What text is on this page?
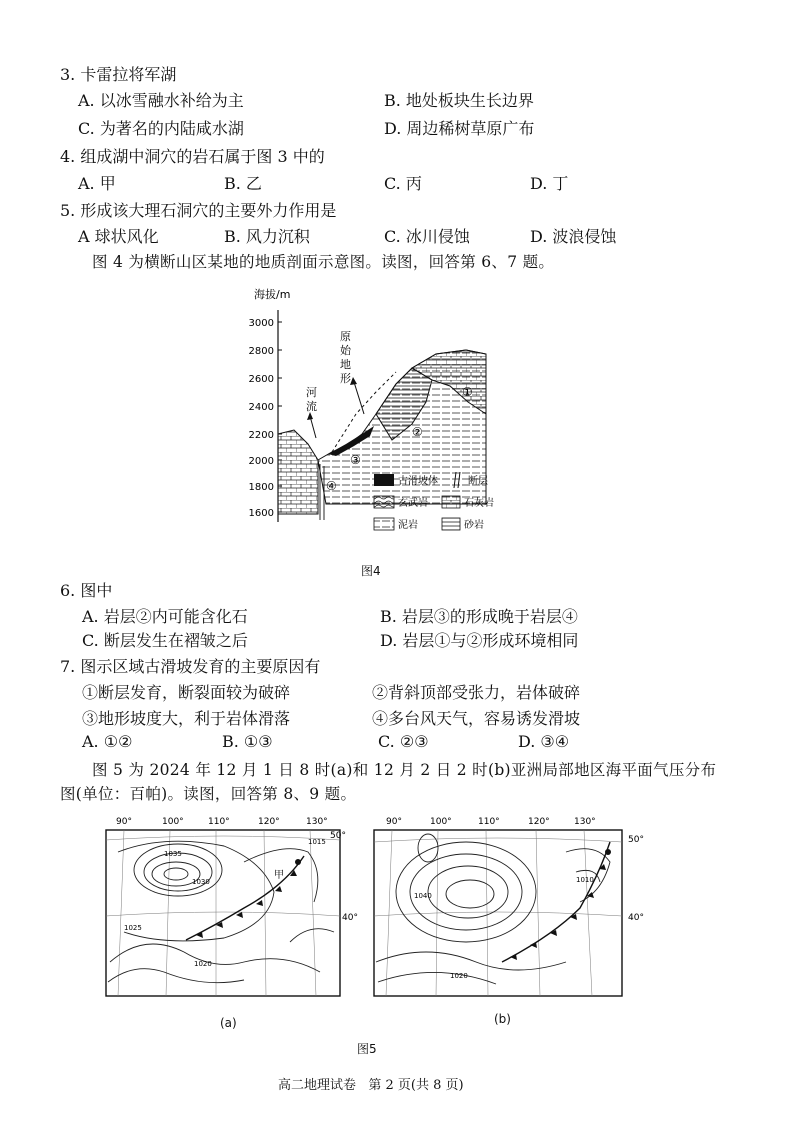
3. 卡雷拉将军湖
A. 以冰雪融水补给为主	B. 地处板块生长边界
C. 为著名的内陆咸水湖	D. 周边稀树草原广布
4. 组成湖中洞穴的岩石属于图 3 中的
A. 甲	B. 乙	C. 丙	D. 丁
5. 形成该大理石洞穴的主要外力作用是
A 球状风化	B. 风力沉积	C. 冰川侵蚀	D. 波浪侵蚀
图 4 为横断山区某地的地质剖面示意图。读图，回答第 6、7 题。
海拔/m
3000
2800
2600
2400
2200
2000
1800
1600
原
始
地
形
河
流
①
②
③
④	古滑坡体	断层
玄武岩	石灰岩
泥岩	砂岩
图4
6. 图中
A. 岩层②内可能含化石	B. 岩层③的形成晚于岩层④
C. 断层发生在褶皱之后	D. 岩层①与②形成环境相同
7. 图示区域古滑坡发育的主要原因有
①断层发育，断裂面较为破碎	②背斜顶部受张力，岩体破碎
③地形坡度大，利于岩体滑落	④多台风天气，容易诱发滑坡
A. ①②	B. ①③	C. ②③	D. ③④
图 5 为 2024 年 12 月 1 日 8 时(a)和 12 月 2 日 2 时(b)亚洲局部地区海平面气压分布
图(单位：百帕)。读图，回答第 8、9 题。
90°	100°	110°	120°	130°
50°
40°
1035
1030
1025
1020
1015
甲
(a)
90°	100°	110°	120°	130°
50°
40°
1040
1020
1010
(b)
图5
高二地理试卷   第 2 页(共 8 页)
